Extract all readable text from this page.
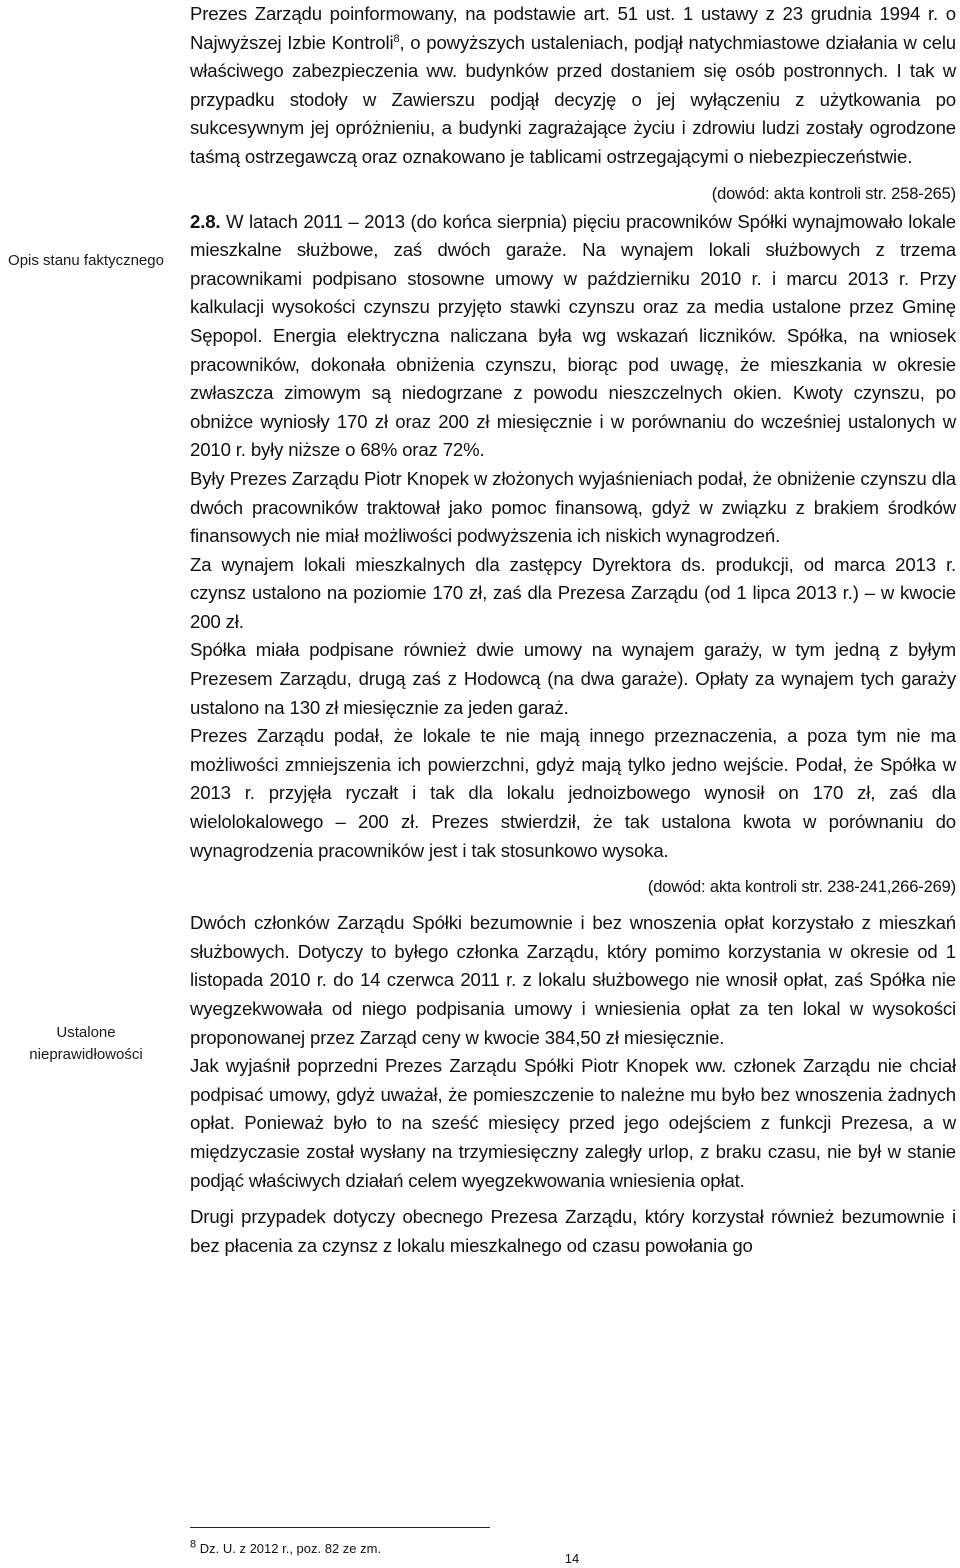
Opis stanu faktycznego
Ustalone nieprawidłowości

Prezes Zarządu poinformowany, na podstawie art. 51 ust. 1 ustawy z 23 grudnia 1994 r. o Najwyższej Izbie Kontroli$^8$, o powyższych ustaleniach, podjął natychmiastowe działania w celu właściwego zabezpieczenia ww. budynków przed dostaniem się osób postronnych. I tak w przypadku stodoły w Zawierszu podjął decyzję o jej wyłączeniu z użytkowania po sukcesywnym jej opróżnieniu, a budynki zagrażające życiu i zdrowiu ludzi zostały ogrodzone taśmą ostrzegawczą oraz oznakowano je tablicami ostrzegającymi o niebezpieczeństwie.

(dowód: akta kontroli str. 258-265)

2.8. W latach 2011 – 2013 (do końca sierpnia) pięciu pracowników Spółki wynajmowało lokale mieszkalne służbowe, zaś dwóch garaże. Na wynajem lokali służbowych z trzema pracownikami podpisano stosowne umowy w październiku 2010 r. i marcu 2013 r. Przy kalkulacji wysokości czynszu przyjęto stawki czynszu oraz za media ustalone przez Gminę Sępopol. Energia elektryczna naliczana była wg wskazań liczników. Spółka, na wniosek pracowników, dokonała obniżenia czynszu, biorąc pod uwagę, że mieszkania w okresie zwłaszcza zimowym są niedogrzane z powodu nieszczelnych okien. Kwoty czynszu, po obniżce wyniosły 170 zł oraz 200 zł miesięcznie i w porównaniu do wcześniej ustalonych w 2010 r. były niższe o 68% oraz 72%.

Były Prezes Zarządu Piotr Knopek w złożonych wyjaśnieniach podał, że obniżenie czynszu dla dwóch pracowników traktował jako pomoc finansową, gdyż w związku z brakiem środków finansowych nie miał możliwości podwyższenia ich niskich wynagrodzeń.

Za wynajem lokali mieszkalnych dla zastępcy Dyrektora ds. produkcji, od marca 2013 r. czynsz ustalono na poziomie 170 zł, zaś dla Prezesa Zarządu (od 1 lipca 2013 r.) – w kwocie 200 zł.

Spółka miała podpisane również dwie umowy na wynajem garaży, w tym jedną z byłym Prezesem Zarządu, drugą zaś z Hodowcą (na dwa garaże). Opłaty za wynajem tych garaży ustalono na 130 zł miesięcznie za jeden garaż.

Prezes Zarządu podał, że lokale te nie mają innego przeznaczenia, a poza tym nie ma możliwości zmniejszenia ich powierzchni, gdyż mają tylko jedno wejście. Podał, że Spółka w 2013 r. przyjęła ryczałt i tak dla lokalu jednoizbowego wynosił on 170 zł, zaś dla wielolokalowego – 200 zł. Prezes stwierdził, że tak ustalona kwota w porównaniu do wynagrodzenia pracowników jest i tak stosunkowo wysoka.

(dowód: akta kontroli str. 238-241,266-269)

Dwóch członków Zarządu Spółki bezumownie i bez wnoszenia opłat korzystało z mieszkań służbowych. Dotyczy to byłego członka Zarządu, który pomimo korzystania w okresie od 1 listopada 2010 r. do 14 czerwca 2011 r. z lokalu służbowego nie wnosił opłat, zaś Spółka nie wyegzekwowała od niego podpisania umowy i wniesienia opłat za ten lokal w wysokości proponowanej przez Zarząd ceny w kwocie 384,50 zł miesięcznie.

Jak wyjaśnił poprzedni Prezes Zarządu Spółki Piotr Knopek ww. członek Zarządu nie chciał podpisać umowy, gdyż uważał, że pomieszczenie to należne mu było bez wnoszenia żadnych opłat. Ponieważ było to na sześć miesięcy przed jego odejściem z funkcji Prezesa, a w międzyczasie został wysłany na trzymiesięczny zaległy urlop, z braku czasu, nie był w stanie podjąć właściwych działań celem wyegzekwowania wniesienia opłat.

Drugi przypadek dotyczy obecnego Prezesa Zarządu, który korzystał również bezumownie i bez płacenia za czynsz z lokalu mieszkalnego od czasu powołania go

$^8$ Dz. U. z 2012 r., poz. 82 ze zm.
14
